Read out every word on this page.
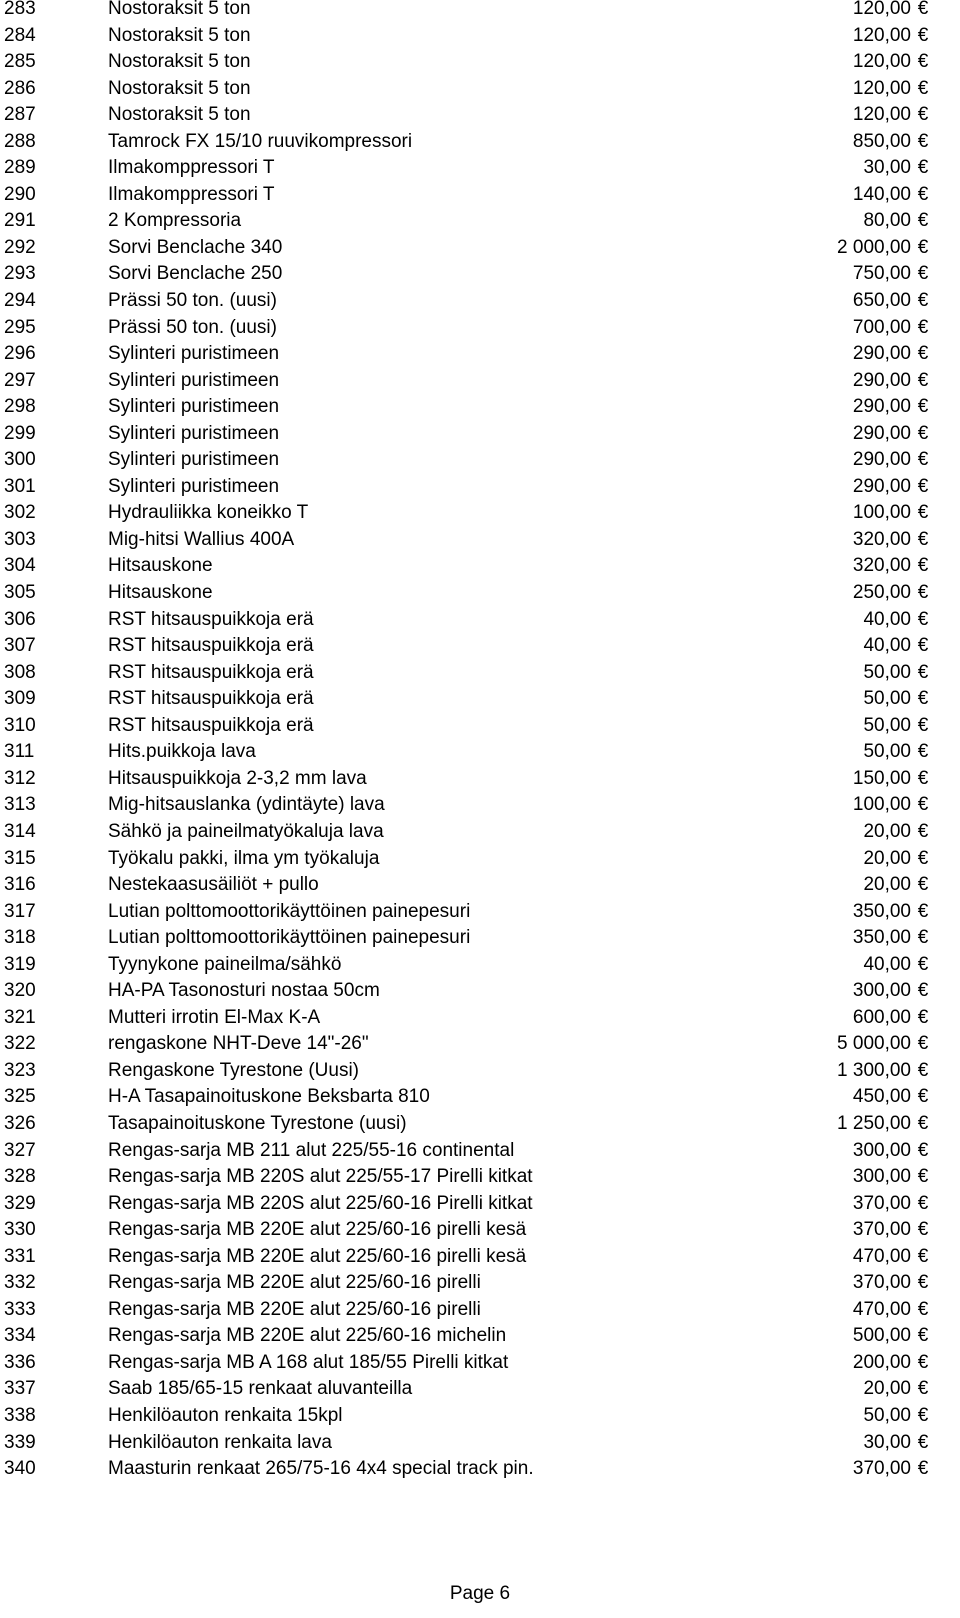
283	Nostoraksit 5 ton	120,00 €
284	Nostoraksit 5 ton	120,00 €
285	Nostoraksit 5 ton	120,00 €
286	Nostoraksit 5 ton	120,00 €
287	Nostoraksit 5 ton	120,00 €
288	Tamrock FX 15/10 ruuvikompressori	850,00 €
289	Ilmakomppressori T	30,00 €
290	Ilmakomppressori T	140,00 €
291	2 Kompressoria	80,00 €
292	Sorvi Benclache 340	2 000,00 €
293	Sorvi Benclache 250	750,00 €
294	Prässi 50 ton. (uusi)	650,00 €
295	Prässi 50 ton. (uusi)	700,00 €
296	Sylinteri puristimeen	290,00 €
297	Sylinteri puristimeen	290,00 €
298	Sylinteri puristimeen	290,00 €
299	Sylinteri puristimeen	290,00 €
300	Sylinteri puristimeen	290,00 €
301	Sylinteri puristimeen	290,00 €
302	Hydrauliikka koneikko T	100,00 €
303	Mig-hitsi Wallius 400A	320,00 €
304	Hitsauskone	320,00 €
305	Hitsauskone	250,00 €
306	RST hitsauspuikkoja erä	40,00 €
307	RST hitsauspuikkoja erä	40,00 €
308	RST hitsauspuikkoja erä	50,00 €
309	RST hitsauspuikkoja erä	50,00 €
310	RST hitsauspuikkoja erä	50,00 €
311	Hits.puikkoja lava	50,00 €
312	Hitsauspuikkoja 2-3,2 mm lava	150,00 €
313	Mig-hitsauslanka (ydintäyte) lava	100,00 €
314	Sähkö ja paineilmatyökaluja lava	20,00 €
315	Työkalu pakki, ilma ym työkaluja	20,00 €
316	Nestekaasusäiliöt + pullo	20,00 €
317	Lutian polttomoottorikäyttöinen painepesuri	350,00 €
318	Lutian polttomoottorikäyttöinen painepesuri	350,00 €
319	Tyynykone paineilma/sähkö	40,00 €
320	HA-PA Tasonosturi nostaa 50cm	300,00 €
321	Mutteri irrotin El-Max K-A	600,00 €
322	rengaskone NHT-Deve 14"-26"	5 000,00 €
323	Rengaskone Tyrestone (Uusi)	1 300,00 €
325	H-A Tasapainoituskone Beksbarta 810	450,00 €
326	Tasapainoituskone Tyrestone (uusi)	1 250,00 €
327	Rengas-sarja MB 211 alut 225/55-16 continental	300,00 €
328	Rengas-sarja MB 220S alut 225/55-17 Pirelli kitkat	300,00 €
329	Rengas-sarja MB 220S alut 225/60-16 Pirelli kitkat	370,00 €
330	Rengas-sarja MB 220E alut 225/60-16 pirelli kesä	370,00 €
331	Rengas-sarja MB 220E alut 225/60-16 pirelli kesä	470,00 €
332	Rengas-sarja MB 220E alut 225/60-16 pirelli	370,00 €
333	Rengas-sarja MB 220E alut 225/60-16 pirelli	470,00 €
334	Rengas-sarja MB 220E alut 225/60-16 michelin	500,00 €
336	Rengas-sarja MB A 168 alut 185/55 Pirelli kitkat	200,00 €
337	Saab 185/65-15 renkaat aluvanteilla	20,00 €
338	Henkilöauton renkaita 15kpl	50,00 €
339	Henkilöauton renkaita lava	30,00 €
340	Maasturin renkaat 265/75-16 4x4 special track pin.	370,00 €
Page 6
